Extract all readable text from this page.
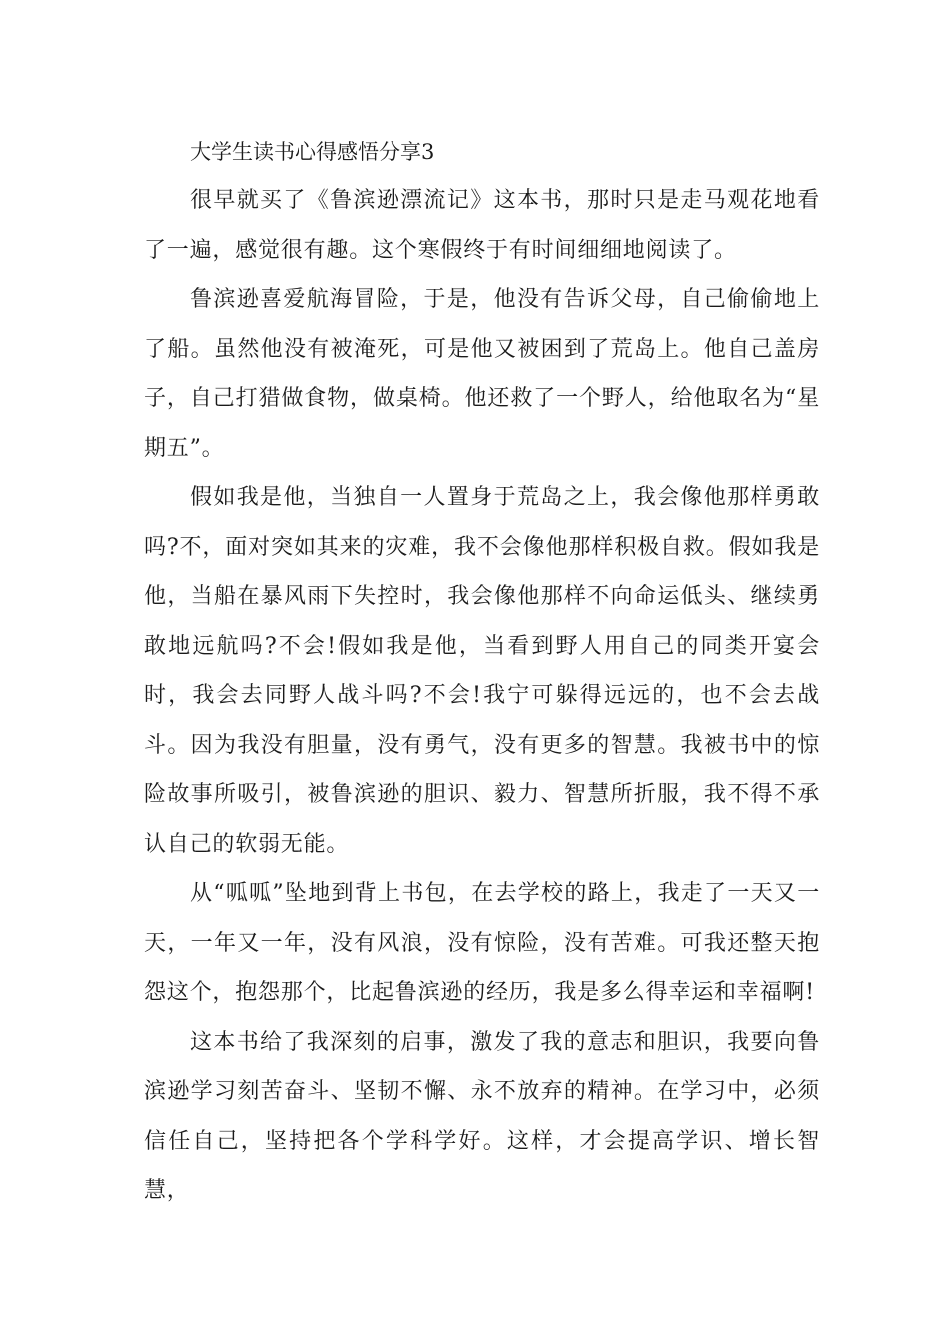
大学生读书心得感悟分享3

很早就买了《鲁滨逊漂流记》这本书，那时只是走马观花地看了一遍，感觉很有趣。这个寒假终于有时间细细地阅读了。

鲁滨逊喜爱航海冒险，于是，他没有告诉父母，自己偷偷地上了船。虽然他没有被淹死，可是他又被困到了荒岛上。他自己盖房子，自己打猎做食物，做桌椅。他还救了一个野人，给他取名为“星期五”。

假如我是他，当独自一人置身于荒岛之上，我会像他那样勇敢吗?不，面对突如其来的灾难，我不会像他那样积极自救。假如我是他，当船在暴风雨下失控时，我会像他那样不向命运低头、继续勇敢地远航吗?不会!假如我是他，当看到野人用自己的同类开宴会时，我会去同野人战斗吗?不会!我宁可躲得远远的，也不会去战斗。因为我没有胆量，没有勇气，没有更多的智慧。我被书中的惊险故事所吸引，被鲁滨逊的胆识、毅力、智慧所折服，我不得不承认自己的软弱无能。

从“呱呱”坠地到背上书包，在去学校的路上，我走了一天又一天，一年又一年，没有风浪，没有惊险，没有苦难。可我还整天抱怨这个，抱怨那个，比起鲁滨逊的经历，我是多么得幸运和幸福啊!

这本书给了我深刻的启事，激发了我的意志和胆识，我要向鲁滨逊学习刻苦奋斗、坚韧不懈、永不放弃的精神。在学习中，必须信任自己，坚持把各个学科学好。这样，才会提高学识、增长智慧，
